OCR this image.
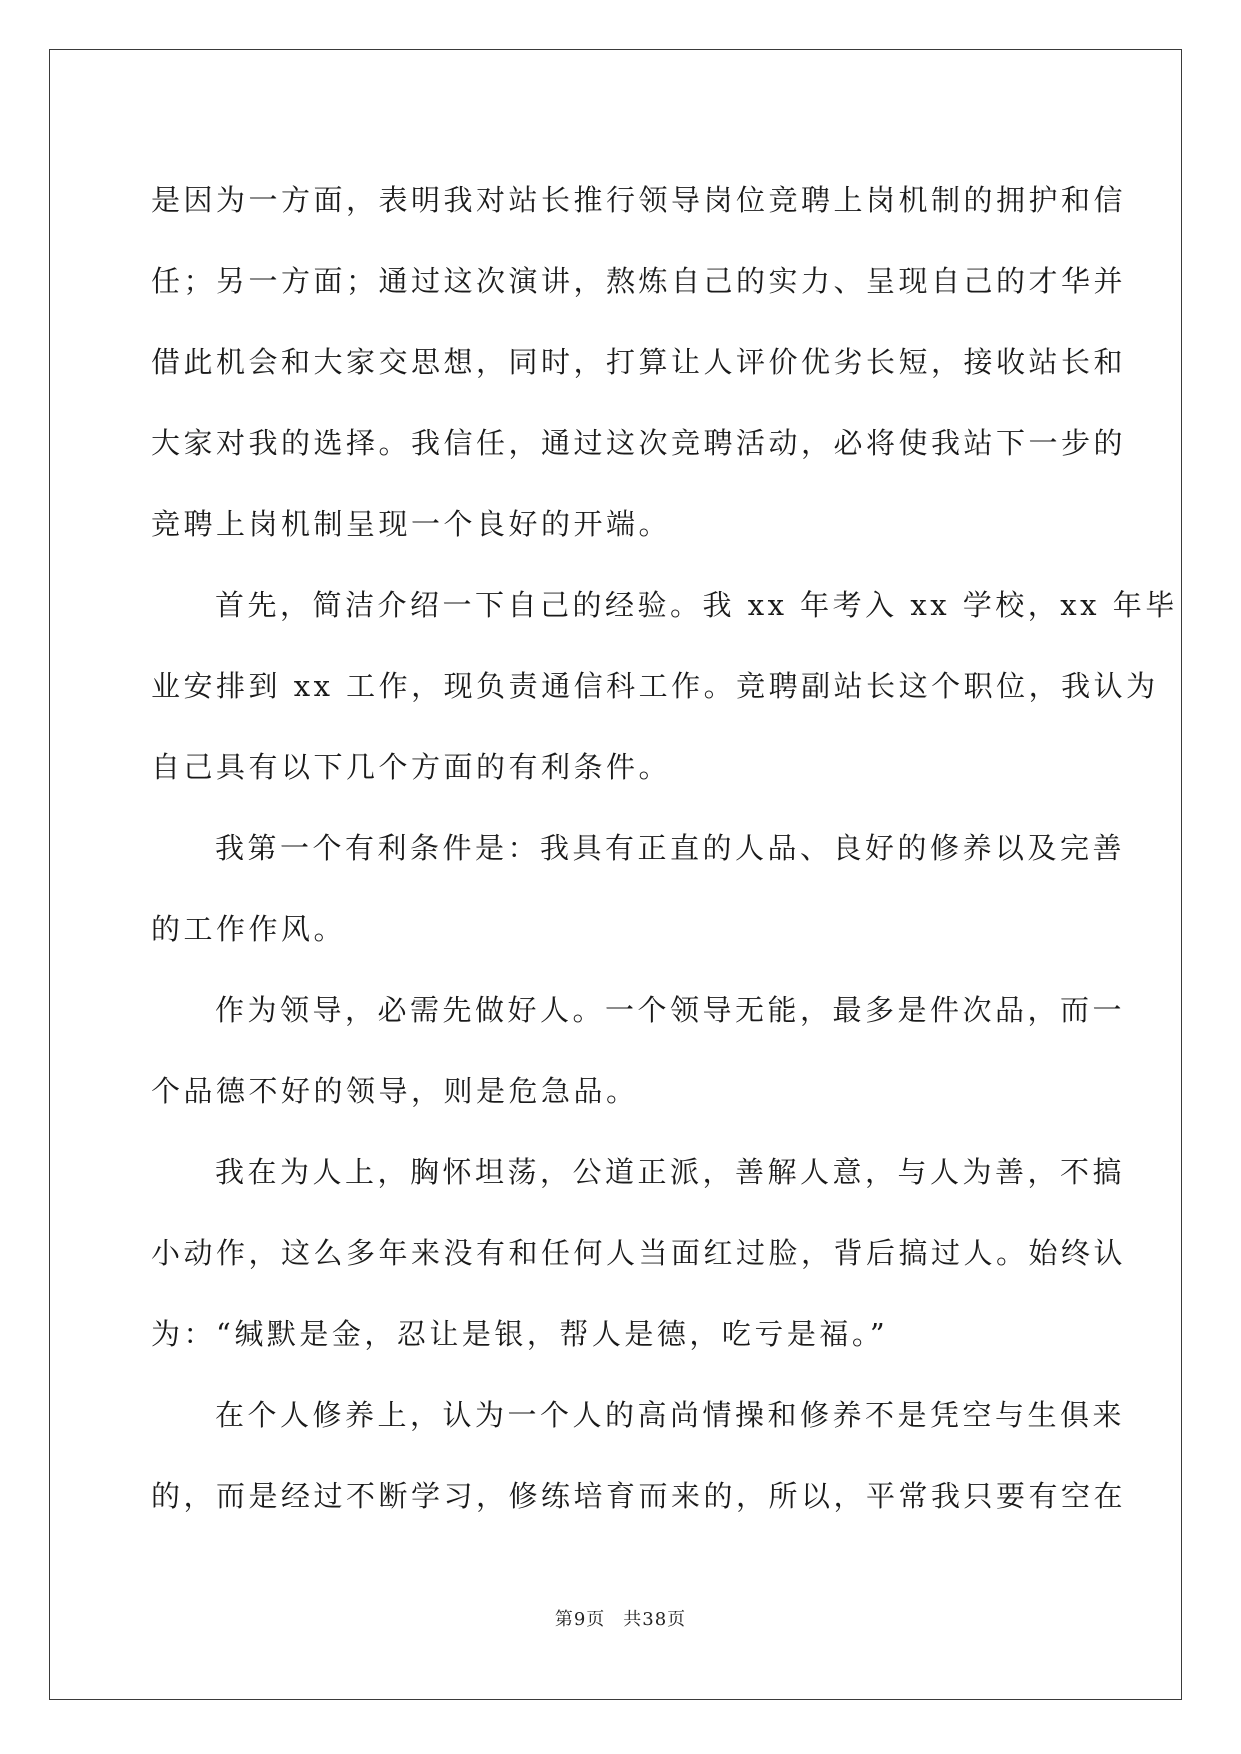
是因为一方面，表明我对站长推行领导岗位竞聘上岗机制的拥护和信
任；另一方面；通过这次演讲，熬炼自己的实力、呈现自己的才华并
借此机会和大家交思想，同时，打算让人评价优劣长短，接收站长和
大家对我的选择。我信任，通过这次竞聘活动，必将使我站下一步的
竞聘上岗机制呈现一个良好的开端。

首先，简洁介绍一下自己的经验。我 xx 年考入 xx 学校，xx 年毕
业安排到 xx 工作，现负责通信科工作。竞聘副站长这个职位，我认为
自己具有以下几个方面的有利条件。

我第一个有利条件是：我具有正直的人品、良好的修养以及完善
的工作作风。

作为领导，必需先做好人。一个领导无能，最多是件次品，而一
个品德不好的领导，则是危急品。

我在为人上，胸怀坦荡，公道正派，善解人意，与人为善，不搞
小动作，这么多年来没有和任何人当面红过脸，背后搞过人。始终认
为：“缄默是金，忍让是银，帮人是德，吃亏是福。”

在个人修养上，认为一个人的高尚情操和修养不是凭空与生俱来
的，而是经过不断学习，修练培育而来的，所以，平常我只要有空在

第9页 共38页
